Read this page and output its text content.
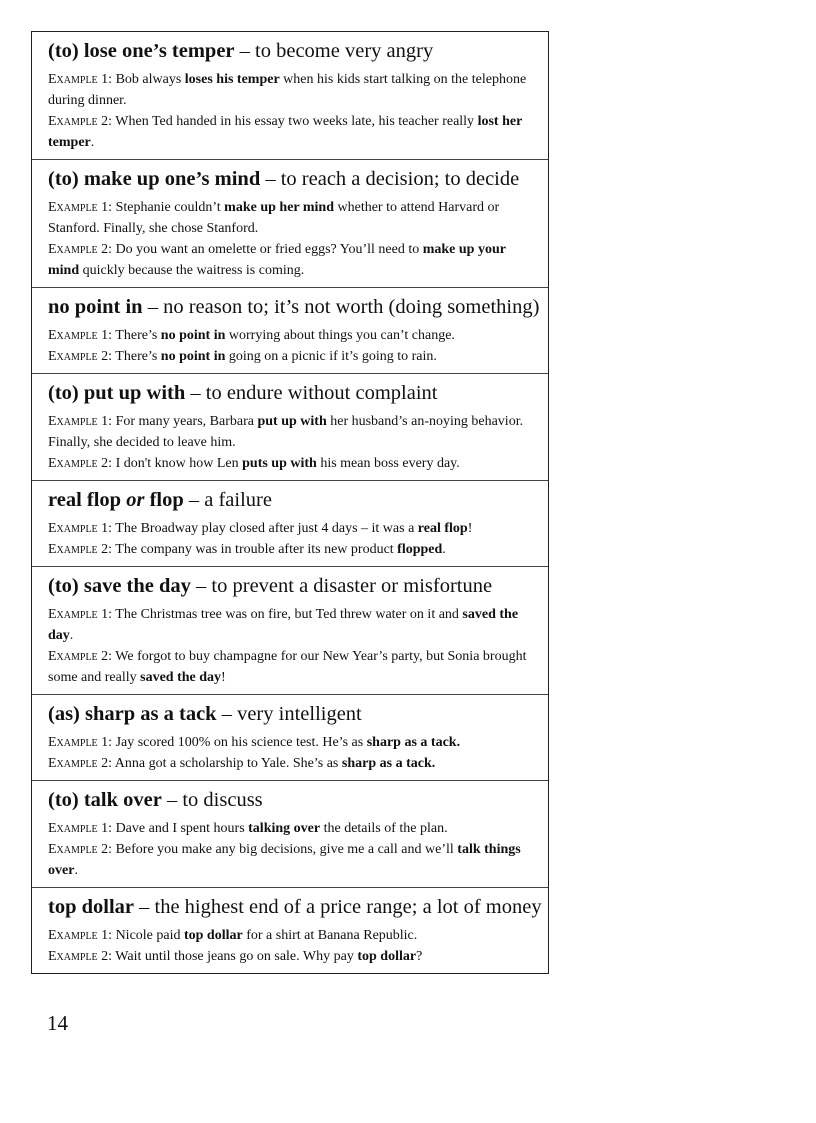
(to) lose one’s temper – to become very angry
Example 1: Bob always loses his temper when his kids start talking on the telephone during dinner.
Example 2: When Ted handed in his essay two weeks late, his teacher really lost her temper.
(to) make up one’s mind – to reach a decision; to decide
Example 1: Stephanie couldn’t make up her mind whether to attend Harvard or Stanford. Finally, she chose Stanford.
Example 2: Do you want an omelette or fried eggs? You’ll need to make up your mind quickly because the waitress is coming.
no point in – no reason to; it’s not worth (doing something)
Example 1: There’s no point in worrying about things you can’t change.
Example 2: There’s no point in going on a picnic if it’s going to rain.
(to) put up with – to endure without complaint
Example 1: For many years, Barbara put up with her husband’s an-noying behavior. Finally, she decided to leave him.
Example 2: I don't know how Len puts up with his mean boss every day.
real flop or flop – a failure
Example 1: The Broadway play closed after just 4 days – it was a real flop!
Example 2: The company was in trouble after its new product flopped.
(to) save the day – to prevent a disaster or misfortune
Example 1: The Christmas tree was on fire, but Ted threw water on it and saved the day.
Example 2: We forgot to buy champagne for our New Year’s party, but Sonia brought some and really saved the day!
(as) sharp as a tack – very intelligent
Example 1: Jay scored 100% on his science test. He’s as sharp as a tack.
Example 2: Anna got a scholarship to Yale. She’s as sharp as a tack.
(to) talk over – to discuss
Example 1: Dave and I spent hours talking over the details of the plan.
Example 2: Before you make any big decisions, give me a call and we’ll talk things over.
top dollar – the highest end of a price range; a lot of money
Example 1: Nicole paid top dollar for a shirt at Banana Republic.
Example 2: Wait until those jeans go on sale. Why pay top dollar?
14
